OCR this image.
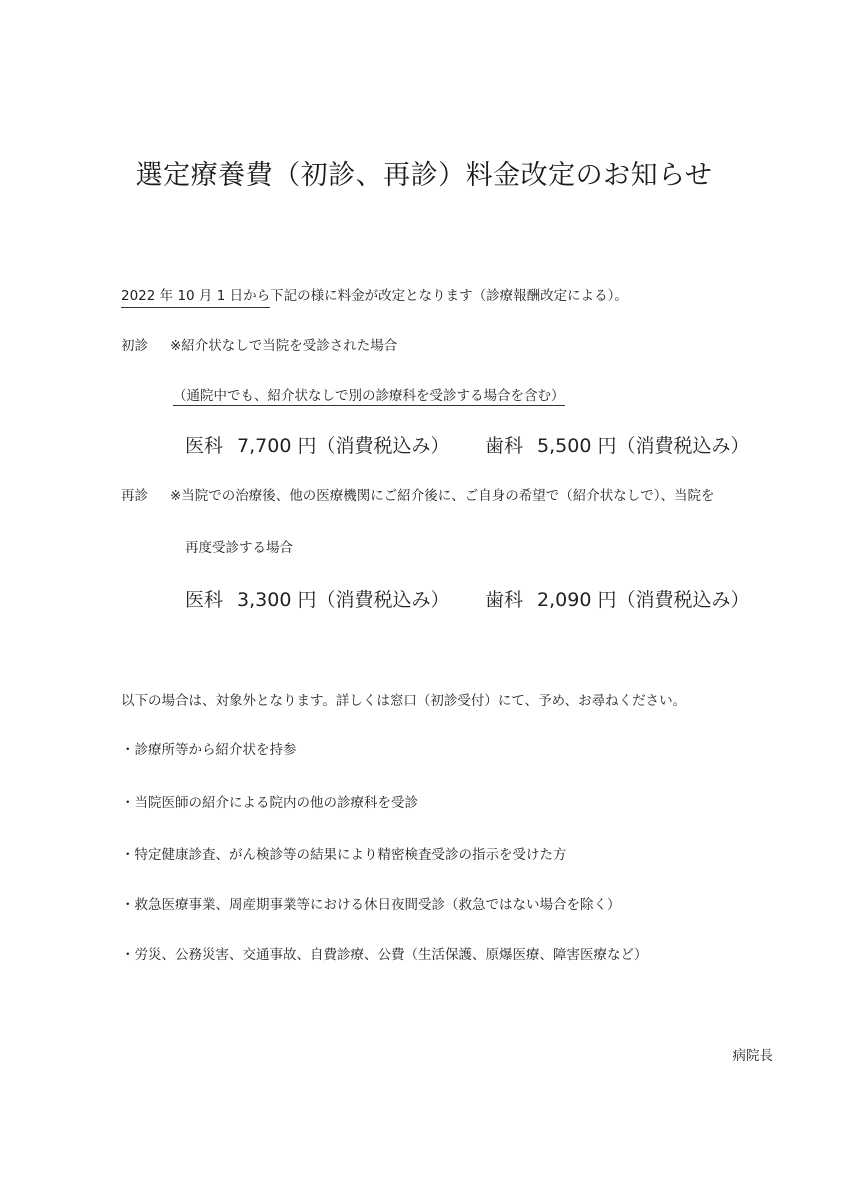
選定療養費（初診、再診）料金改定のお知らせ
2022 年 10 月 1 日から下記の様に料金が改定となります（診療報酬改定による）。
初診 ※紹介状なしで当院を受診された場合
（通院中でも、紹介状なしで別の診療科を受診する場合を含む）
医科 7,700 円（消費税込み） 歯科 5,500 円（消費税込み）
再診 ※当院での治療後、他の医療機関にご紹介後に、ご自身の希望で（紹介状なしで）、当院を
再度受診する場合
医科 3,300 円（消費税込み） 歯科 2,090 円（消費税込み）
以下の場合は、対象外となります。詳しくは窓口（初診受付）にて、予め、お尋ねください。
・診療所等から紹介状を持参
・当院医師の紹介による院内の他の診療科を受診
・特定健康診査、がん検診等の結果により精密検査受診の指示を受けた方
・救急医療事業、周産期事業等における休日夜間受診（救急ではない場合を除く）
・労災、公務災害、交通事故、自費診療、公費（生活保護、原爆医療、障害医療など）
病院長
